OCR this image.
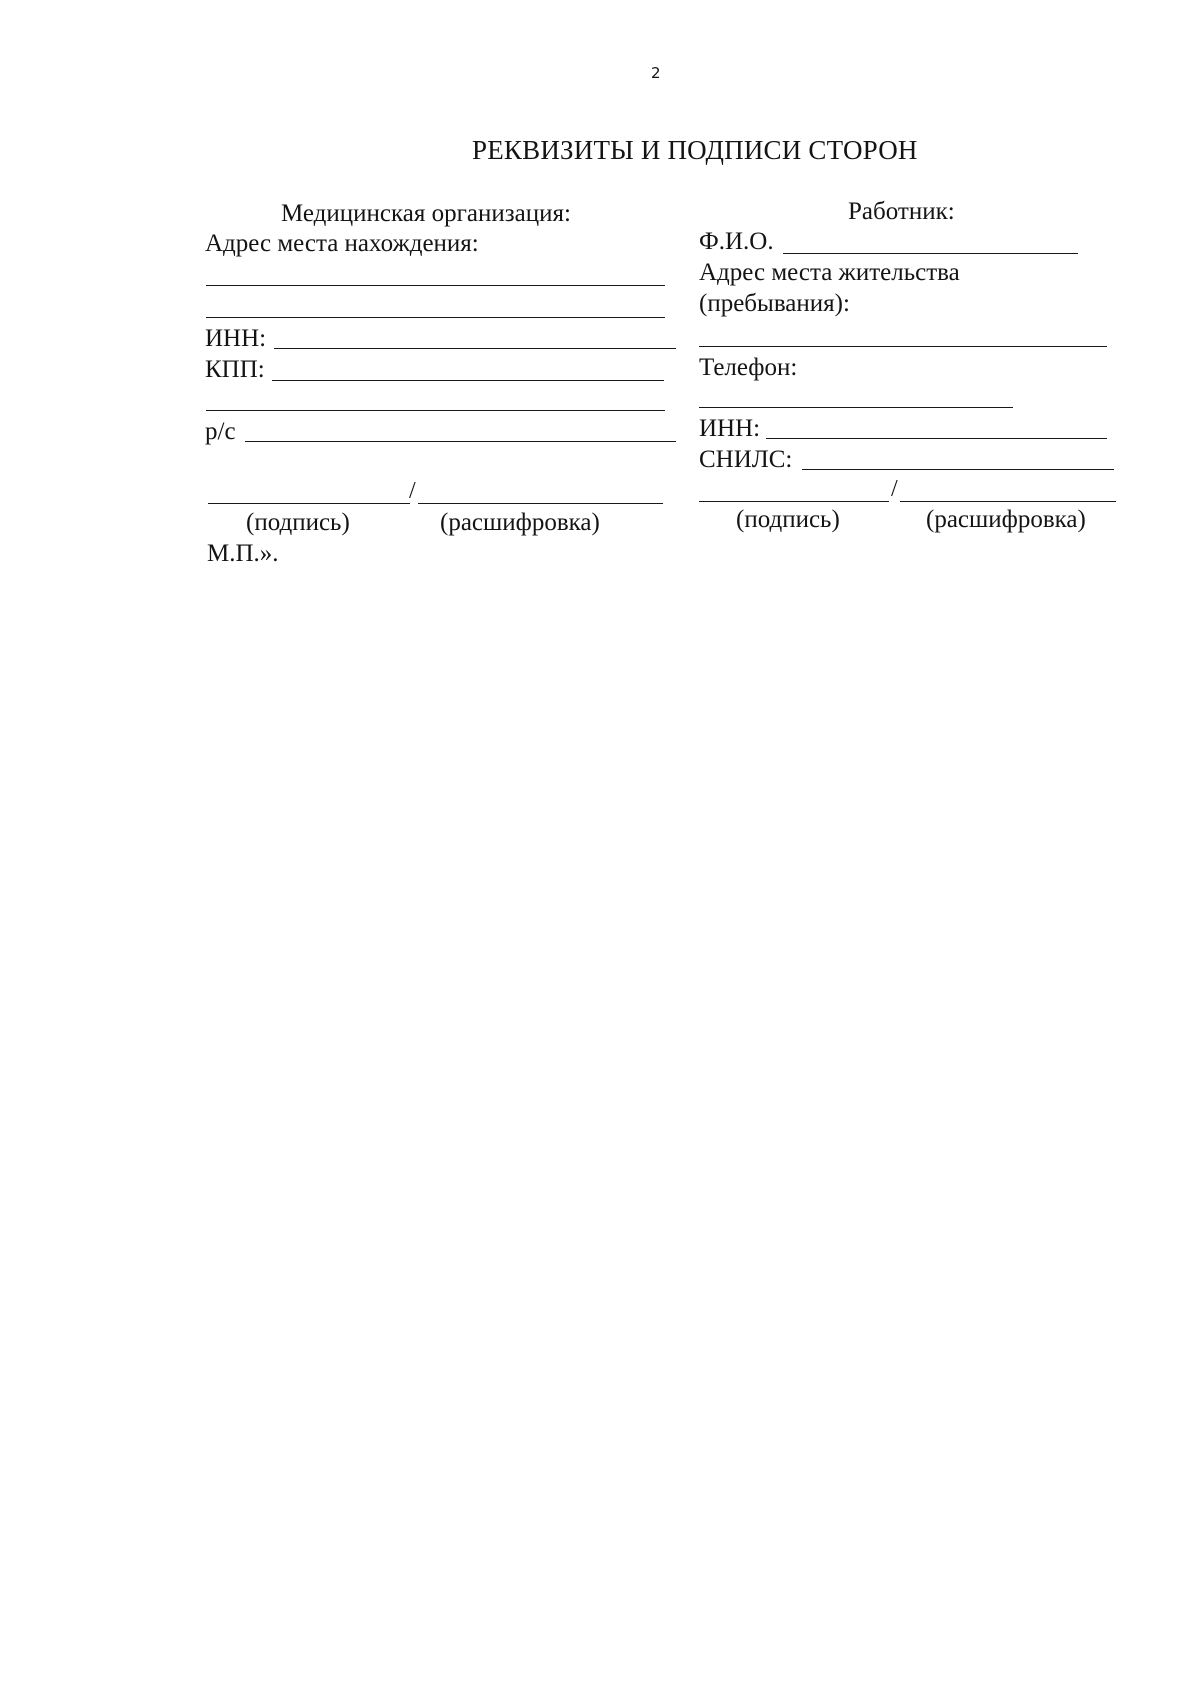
2
РЕКВИЗИТЫ И ПОДПИСИ СТОРОН
Медицинская организация:
Адрес места нахождения:
ИНН:
КПП:
р/с
/
(подпись)	(расшифровка)
М.П.».
Работник:
Ф.И.О.
Адрес места жительства
(пребывания):
Телефон:
ИНН:
СНИЛС:
/
(подпись)	(расшифровка)
